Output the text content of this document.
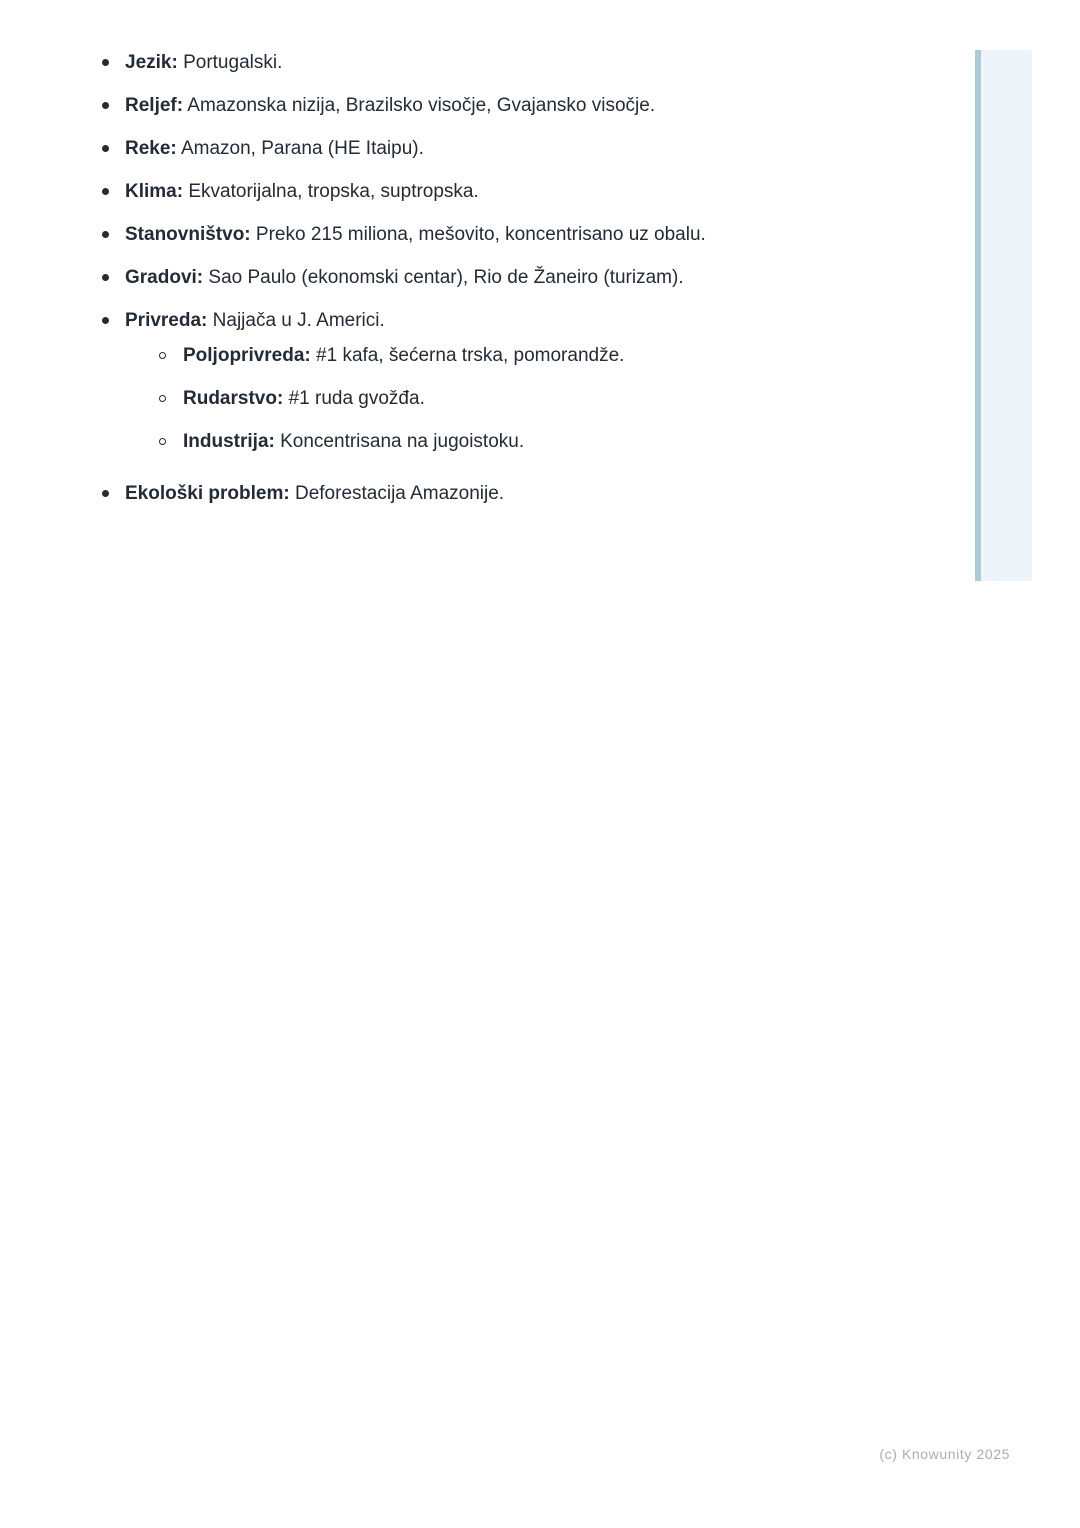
Jezik: Portugalski.
Reljef: Amazonska nizija, Brazilsko visočje, Gvajansko visočje.
Reke: Amazon, Parana (HE Itaipu).
Klima: Ekvatorijalna, tropska, suptropska.
Stanovništvo: Preko 215 miliona, mešovito, koncentrisano uz obalu.
Gradovi: Sao Paulo (ekonomski centar), Rio de Žaneiro (turizam).
Privreda: Najjača u J. Americi.
Poljoprivreda: #1 kafa, šećerna trska, pomorandže.
Rudarstvo: #1 ruda gvožđa.
Industrija: Koncentrisana na jugoistoku.
Ekološki problem: Deforestacija Amazonije.
(c) Knowunity 2025
